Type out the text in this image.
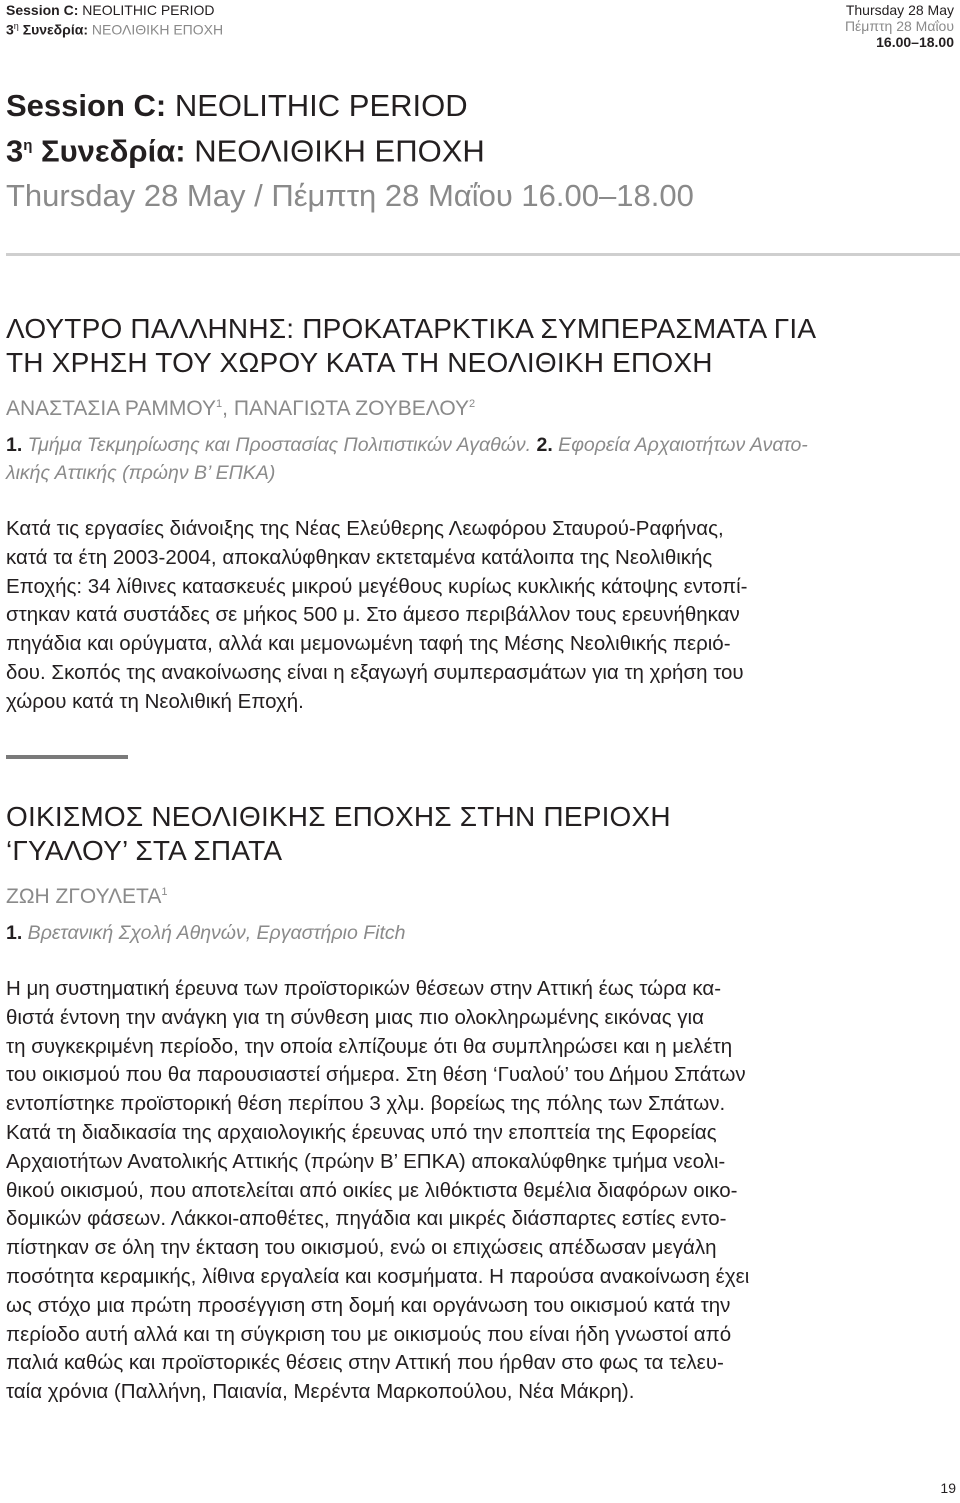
Session C: NEOLITHIC PERIOD
$3^\eta$ Συνεδρία: ΝΕΟΛΙΘΙΚΗ ΕΠΟΧΗ
Thursday 28 May
Πέμπτη 28 Μαΐου
16.00–18.00
Session C: NEOLITHIC PERIOD
$3^\eta$ Συνεδρία: ΝΕΟΛΙΘΙΚΗ ΕΠΟΧΗ
Thursday 28 May / Πέμπτη 28 Μαΐου 16.00–18.00
ΛΟΥΤΡΟ ΠΑΛΛΗΝΗΣ: ΠΡΟΚΑΤΑΡΚΤΙΚΑ ΣΥΜΠΕΡΑΣΜΑΤΑ ΓΙΑ
ΤΗ ΧΡΗΣΗ ΤΟΥ ΧΩΡΟΥ ΚΑΤΑ ΤΗ ΝΕΟΛΙΘΙΚΗ ΕΠΟΧΗ
ΑΝΑΣΤΑΣΙΑ ΡΑΜΜΟΥ$^1$, ΠΑΝΑΓΙΩΤΑ ΖΟΥΒΕΛΟΥ$^2$
1. Τμήμα Τεκμηρίωσης και Προστασίας Πολιτιστικών Αγαθών. 2. Εφορεία Αρχαιοτήτων Ανατο-
λικής Αττικής (πρώην Β’ ΕΠΚΑ)
Κατά τις εργασίες διάνοιξης της Νέας Ελεύθερης Λεωφόρου Σταυρού-Ραφήνας,
κατά τα έτη 2003-2004, αποκαλύφθηκαν εκτεταμένα κατάλοιπα της Νεολιθικής
Εποχής: 34 λίθινες κατασκευές μικρού μεγέθους κυρίως κυκλικής κάτοψης εντοπί-
στηκαν κατά συστάδες σε μήκος 500 μ. Στο άμεσο περιβάλλον τους ερευνήθηκαν
πηγάδια και ορύγματα, αλλά και μεμονωμένη ταφή της Μέσης Νεολιθικής περιό-
δου. Σκοπός της ανακοίνωσης είναι η εξαγωγή συμπερασμάτων για τη χρήση του
χώρου κατά τη Νεολιθική Εποχή.
ΟΙΚΙΣΜΟΣ ΝΕΟΛΙΘΙΚΗΣ ΕΠΟΧΗΣ ΣΤΗΝ ΠΕΡΙΟΧΗ
‘ΓΥΑΛΟΥ’ ΣΤΑ ΣΠΑΤΑ
ΖΩΗ ΖΓΟΥΛΕΤΑ$^1$
1. Βρετανική Σχολή Αθηνών, Εργαστήριο Fitch
Η μη συστηματική έρευνα των προϊστορικών θέσεων στην Αττική έως τώρα κα-
θιστά έντονη την ανάγκη για τη σύνθεση μιας πιο ολοκληρωμένης εικόνας για
τη συγκεκριμένη περίοδο, την οποία ελπίζουμε ότι θα συμπληρώσει και η μελέτη
του οικισμού που θα παρουσιαστεί σήμερα. Στη θέση ‘Γυαλού’ του Δήμου Σπάτων
εντοπίστηκε προϊστορική θέση περίπου 3 χλμ. βορείως της πόλης των Σπάτων.
Κατά τη διαδικασία της αρχαιολογικής έρευνας υπό την εποπτεία της Εφορείας
Αρχαιοτήτων Ανατολικής Αττικής (πρώην Β’ ΕΠΚΑ) αποκαλύφθηκε τμήμα νεολι-
θικού οικισμού, που αποτελείται από οικίες με λιθόκτιστα θεμέλια διαφόρων οικο-
δομικών φάσεων. Λάκκοι-αποθέτες, πηγάδια και μικρές διάσπαρτες εστίες εντο-
πίστηκαν σε όλη την έκταση του οικισμού, ενώ οι επιχώσεις απέδωσαν μεγάλη
ποσότητα κεραμικής, λίθινα εργαλεία και κοσμήματα. Η παρούσα ανακοίνωση έχει
ως στόχο μια πρώτη προσέγγιση στη δομή και οργάνωση του οικισμού κατά την
περίοδο αυτή αλλά και τη σύγκριση του με οικισμούς που είναι ήδη γνωστοί από
παλιά καθώς και προϊστορικές θέσεις στην Αττική που ήρθαν στο φως τα τελευ-
ταία χρόνια (Παλλήνη, Παιανία, Μερέντα Μαρκοπούλου, Νέα Μάκρη).
19
